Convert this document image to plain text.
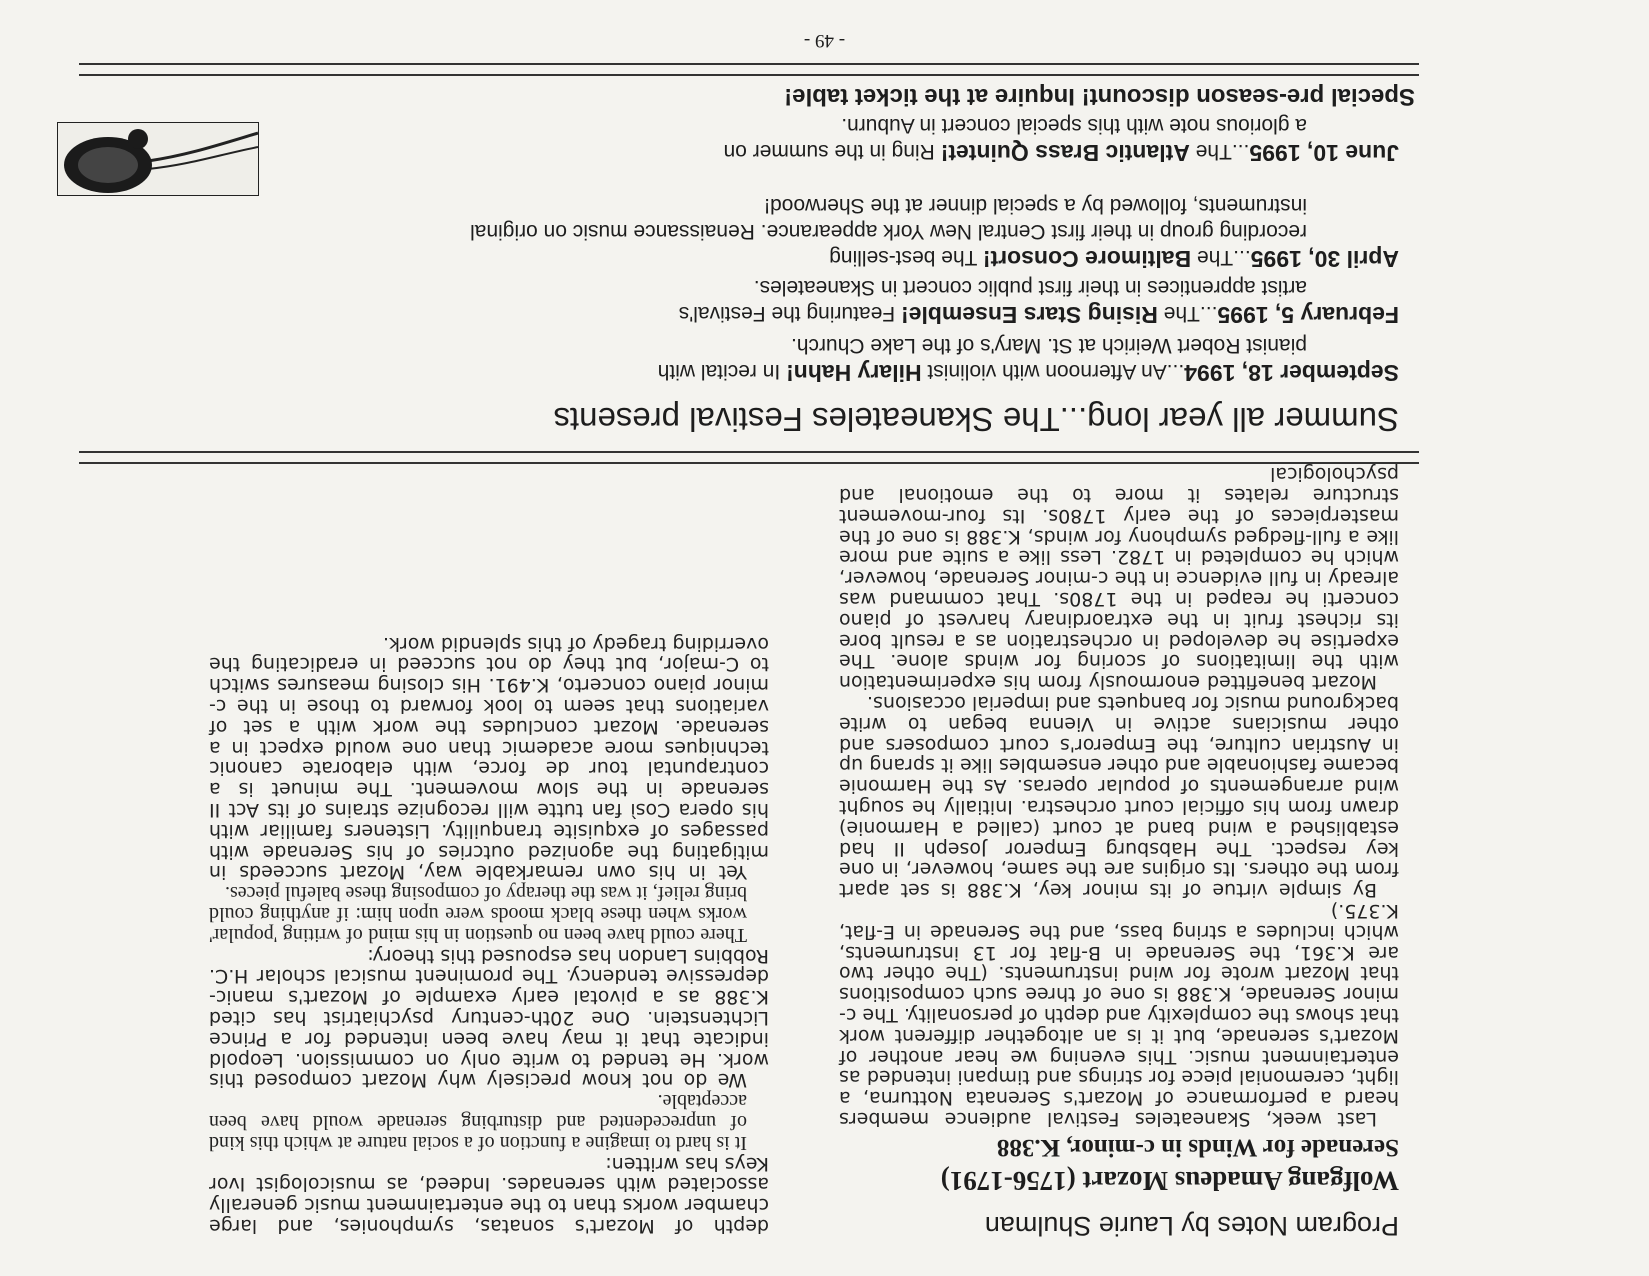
Program Notes by Laurie Shulman
Wolfgang Amadeus Mozart (1756-1791)
Serenade for Winds in c-minor, K.388

Last week, Skaneateles Festival audience members heard a performance of Mozart's Serenata Notturna, a light, ceremonial piece for strings and timpani intended as entertainment music. This evening we hear another of Mozart's serenade, but it is an altogether different work that shows the complexity and depth of personality. The c-minor Serenade, K.388 is one of three such compositions that Mozart wrote for wind instruments. (The other two are K.361, the Serenade in B-flat for 13 instruments, which includes a string bass, and the Serenade in E-flat, K.375.)

By simple virtue of its minor key, K.388 is set apart from the others. Its origins are the same, however, in one key respect. The Habsburg Emperor Joseph II had established a wind band at court (called a Harmonie) drawn from his official court orchestra. Initially he sought wind arrangements of popular operas. As the Harmonie became fashionable and other ensembles like it sprang up in Austrian culture, the Emperor's court composers and other musicians active in Vienna began to write background music for banquets and imperial occasions.

Mozart benefitted enormously from his experimentation with the limitations of scoring for winds alone. The expertise he developed in orchestration as a result bore its richest fruit in the extraordinary harvest of piano concerti he reaped in the 1780s. That command was already in full evidence in the c-minor Serenade, however, which he completed in 1782. Less like a suite and more like a full-fledged symphony for winds, K.388 is one of the masterpieces of the early 1780s. Its four-movement structure relates it more to the emotional and psychological

depth of Mozart's sonatas, symphonies, and large chamber works than to the entertainment music generally associated with serenades. Indeed, as musicologist Ivor Keys has written:

It is hard to imagine a function of a social nature at which this kind of unprecedented and disturbing serenade would have been acceptable.

We do not know precisely why Mozart composed this work. He tended to write only on commission. Leopold indicate that it may have been intended for a Prince Lichtenstein. One 20th-century psychiatrist has cited K.388 as a pivotal early example of Mozart's manic-depressive tendency. The prominent musical scholar H.C. Robbins Landon has espoused this theory:

There could have been no question in his mind of writing 'popular' works when these black moods were upon him: if anything could bring relief, it was the therapy of composing these baleful pieces.

Yet in his own remarkable way, Mozart succeeds in mitigating the agonized outcries of his Serenade with passages of exquisite tranquility. Listeners familiar with his opera Così fan tutte will recognize strains of its Act II serenade in the slow movement. The minuet is a contrapuntal tour de force, with elaborate canonic techniques more academic than one would expect in a serenade. Mozart concludes the work with a set of variations that seem to look forward to those in the c-minor piano concerto, K.491. His closing measures switch to C-major, but they do not succeed in eradicating the overriding tragedy of this splendid work.

Summer all year long...The Skaneateles Festival presents
September 18, 1994...An Afternoon with violinist Hilary Hahn! In recital with
pianist Robert Weirich at St. Mary's of the Lake Church.
February 5, 1995...The Rising Stars Ensemble! Featuring the Festival's
artist apprentices in their first public concert in Skaneateles.
April 30, 1995...The Baltimore Consort! The best-selling
recording group in their first Central New York appearance. Renaissance music on original instruments, followed by a special dinner at the Sherwood!
June 10, 1995...The Atlantic Brass Quintet! Ring in the summer on
a glorious note with this special concert in Auburn.
Special pre-season discount! Inquire at the ticket table!
- 49 -
